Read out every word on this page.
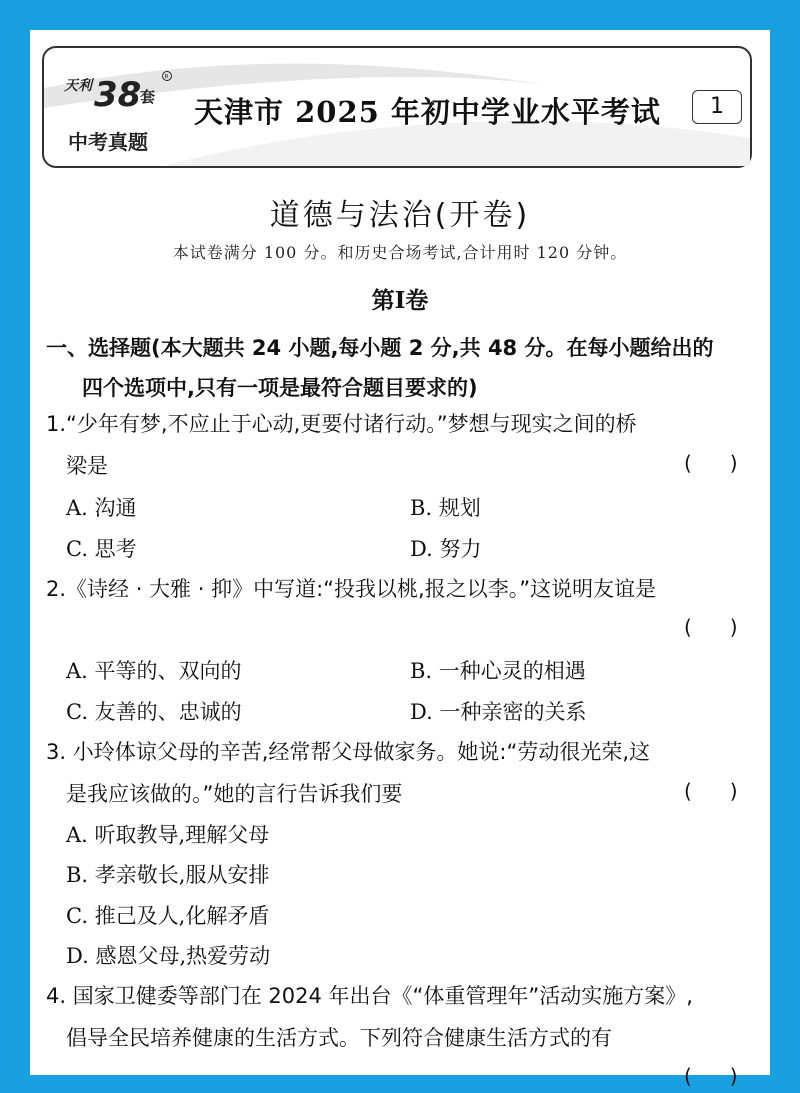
天利 38
套
R
中考真题
天津市 2025 年初中学业水平考试	1
道德与法治(开卷)
本试卷满分 100 分。和历史合场考试,合计用时 120 分钟。
第Ⅰ卷
一、选择题(本大题共 24 小题,每小题 2 分,共 48 分。在每小题给出的
四个选项中,只有一项是最符合题目要求的)
1.“少年有梦,不应止于心动,更要付诸行动。”梦想与现实之间的桥
梁是	()
A. 沟通	B. 规划
C. 思考	D. 努力
2.《诗经 · 大雅 · 抑》中写道:“投我以桃,报之以李。”这说明友谊是
()
A. 平等的、双向的	B. 一种心灵的相遇
C. 友善的、忠诚的	D. 一种亲密的关系
3. 小玲体谅父母的辛苦,经常帮父母做家务。她说:“劳动很光荣,这
是我应该做的。”她的言行告诉我们要	()
A. 听取教导,理解父母
B. 孝亲敬长,服从安排
C. 推己及人,化解矛盾
D. 感恩父母,热爱劳动
4. 国家卫健委等部门在 2024 年出台《“体重管理年”活动实施方案》,
倡导全民培养健康的生活方式。下列符合健康生活方式的有
()
